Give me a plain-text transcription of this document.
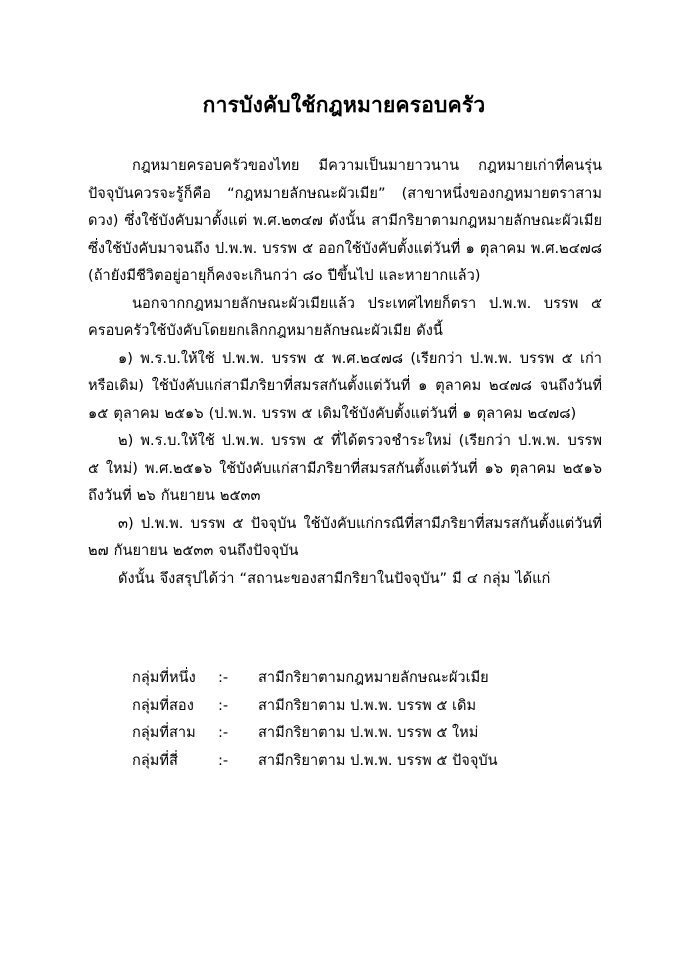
การบังคับใช้กฎหมายครอบครัว

กฎหมายครอบครัวของไทย มีความเป็นมายาวนาน กฎหมายเก่าที่คนรุ่นปัจจุบันควรจะรู้ก็คือ “กฎหมายลักษณะผัวเมีย” (สาขาหนึ่งของกฎหมายตราสามดวง) ซึ่งใช้บังคับมาตั้งแต่ พ.ศ.๒๓๔๗ ดังนั้น สามีกริยาตามกฎหมายลักษณะผัวเมีย ซึ่งใช้บังคับมาจนถึง ป.พ.พ. บรรพ ๕ ออกใช้บังคับตั้งแต่วันที่ ๑ ตุลาคม พ.ศ.๒๔๗๘ (ถ้ายังมีชีวิตอยู่อายุก็คงจะเกินกว่า ๘๐ ปีขึ้นไป และหายากแล้ว)

นอกจากกฎหมายลักษณะผัวเมียแล้ว ประเทศไทยก็ตรา ป.พ.พ. บรรพ ๕ ครอบครัวใช้บังคับโดยยกเลิกกฎหมายลักษณะผัวเมีย ดังนี้

๑) พ.ร.บ.ให้ใช้ ป.พ.พ. บรรพ ๕ พ.ศ.๒๔๗๘ (เรียกว่า ป.พ.พ. บรรพ ๕ เก่าหรือเดิม) ใช้บังคับแก่สามีภริยาที่สมรสกันตั้งแต่วันที่ ๑ ตุลาคม ๒๔๗๘ จนถึงวันที่ ๑๕ ตุลาคม ๒๕๑๖ (ป.พ.พ. บรรพ ๕ เดิมใช้บังคับตั้งแต่วันที่ ๑ ตุลาคม ๒๔๗๘)

๒) พ.ร.บ.ให้ใช้ ป.พ.พ. บรรพ ๕ ที่ได้ตรวจชำระใหม่ (เรียกว่า ป.พ.พ. บรรพ ๕ ใหม่) พ.ศ.๒๕๑๖ ใช้บังคับแก่สามีภริยาที่สมรสกันตั้งแต่วันที่ ๑๖ ตุลาคม ๒๕๑๖ ถึงวันที่ ๒๖ กันยายน ๒๕๓๓

๓) ป.พ.พ. บรรพ ๕ ปัจจุบัน ใช้บังคับแก่กรณีที่สามีภริยาที่สมรสกันตั้งแต่วันที่ ๒๗ กันยายน ๒๕๓๓ จนถึงปัจจุบัน

ดังนั้น จึงสรุปได้ว่า “สถานะของสามีกริยาในปัจจุบัน” มี ๔ กลุ่ม ได้แก่

กลุ่มที่หนึ่ง	:-	สามีกริยาตามกฎหมายลักษณะผัวเมีย
กลุ่มที่สอง	:-	สามีกริยาตาม ป.พ.พ. บรรพ ๕ เดิม
กลุ่มที่สาม	:-	สามีกริยาตาม ป.พ.พ. บรรพ ๕ ใหม่
กลุ่มที่สี่	:-	สามีกริยาตาม ป.พ.พ. บรรพ ๕ ปัจจุบัน
